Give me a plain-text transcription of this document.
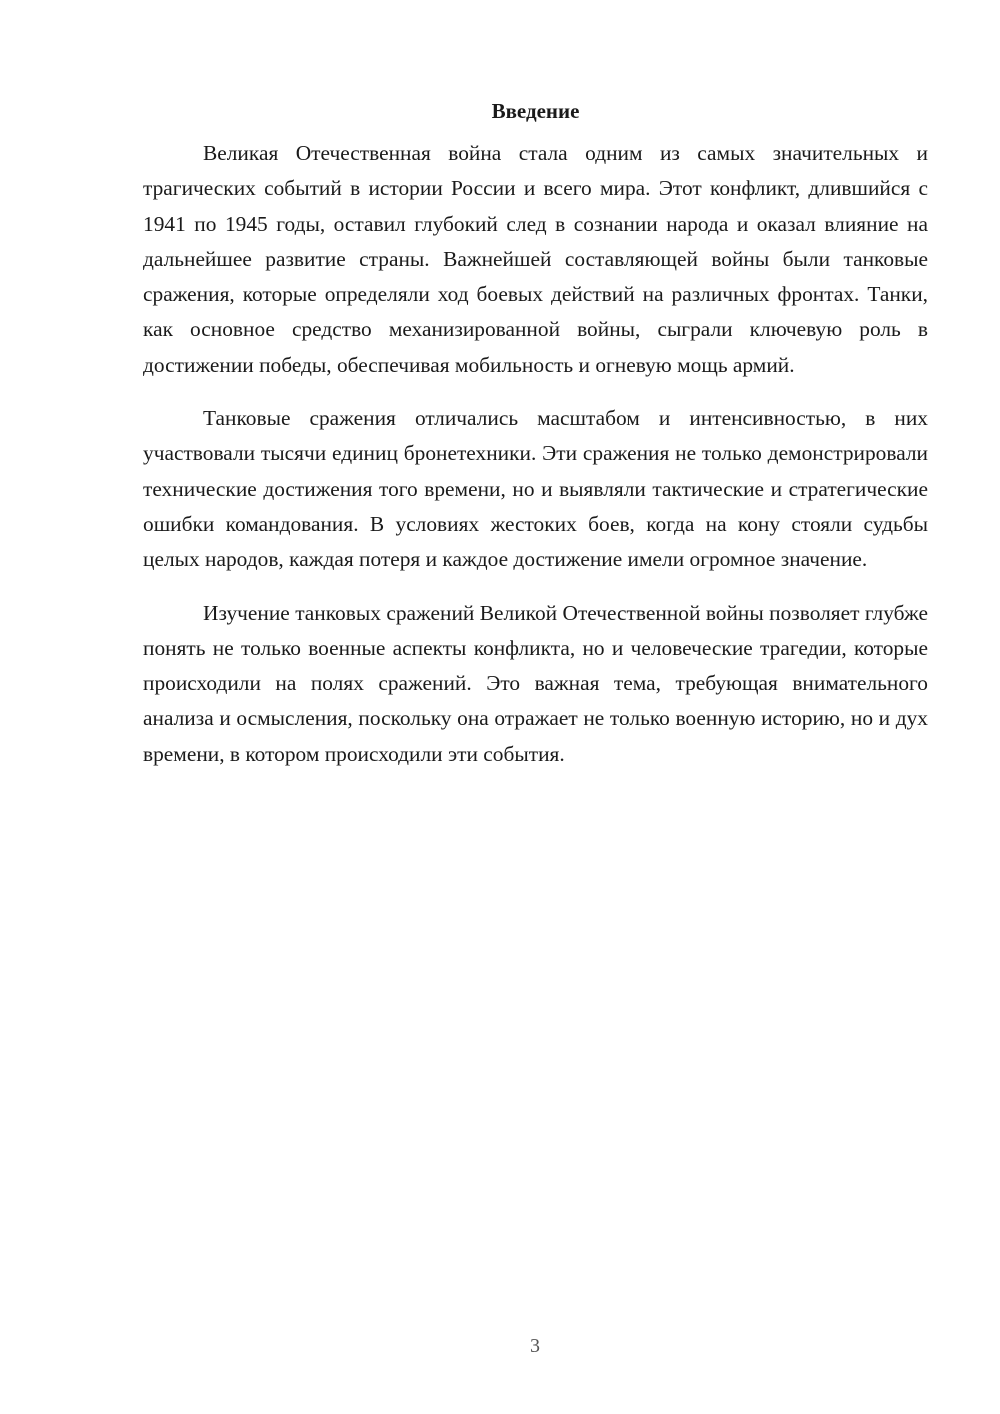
Введение

Великая Отечественная война стала одним из самых значительных и трагических событий в истории России и всего мира. Этот конфликт, длившийся с 1941 по 1945 годы, оставил глубокий след в сознании народа и оказал влияние на дальнейшее развитие страны. Важнейшей составляющей войны были танковые сражения, которые определяли ход боевых действий на различных фронтах. Танки, как основное средство механизированной войны, сыграли ключевую роль в достижении победы, обеспечивая мобильность и огневую мощь армий.

Танковые сражения отличались масштабом и интенсивностью, в них участвовали тысячи единиц бронетехники. Эти сражения не только демонстрировали технические достижения того времени, но и выявляли тактические и стратегические ошибки командования. В условиях жестоких боев, когда на кону стояли судьбы целых народов, каждая потеря и каждое достижение имели огромное значение.

Изучение танковых сражений Великой Отечественной войны позволяет глубже понять не только военные аспекты конфликта, но и человеческие трагедии, которые происходили на полях сражений. Это важная тема, требующая внимательного анализа и осмысления, поскольку она отражает не только военную историю, но и дух времени, в котором происходили эти события.

3
